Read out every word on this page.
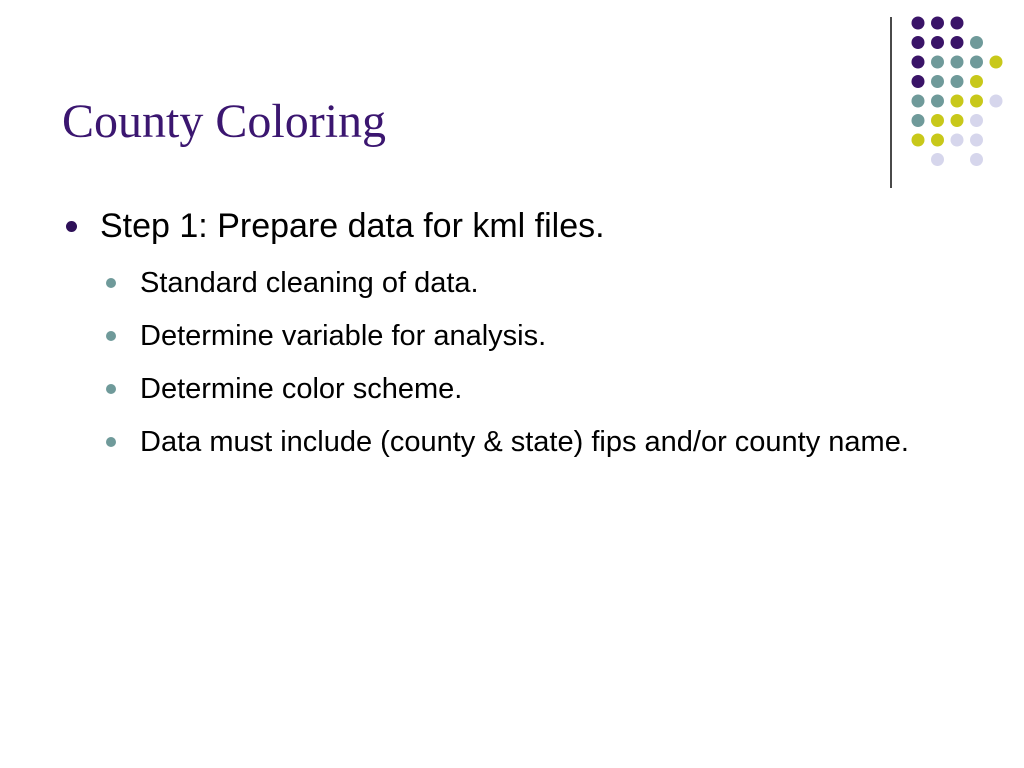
County Coloring
Step 1: Prepare data for kml files.
Standard cleaning of data.
Determine variable for analysis.
Determine color scheme.
Data must include (county & state) fips and/or county name.
